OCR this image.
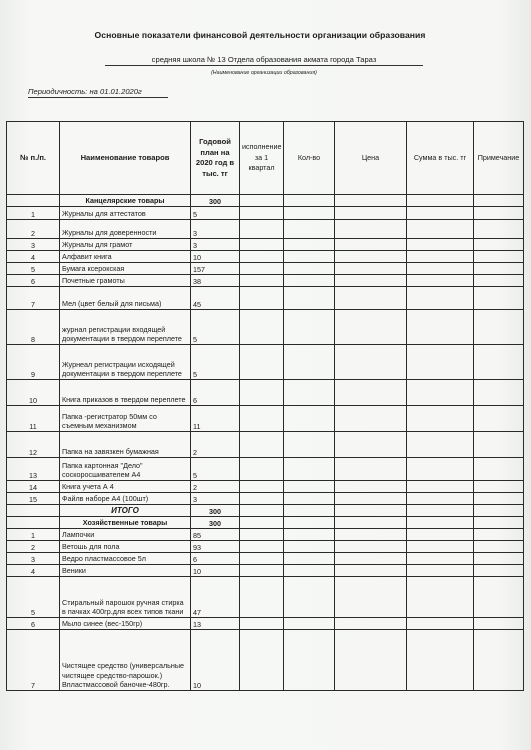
Основные показатели финансовой деятельности организации образования
средняя школа № 13 Отдела образования акмата города Тараз
(Наименование организации образования)
Периодичность: на 01.01.2020г
№ п./п.	Наименование товаров	Годовой план на 2020 год в тыс. тг	исполнение за 1 квартал	Кол-во	Цена	Сумма в тыс. тг	Примечание
	Канцелярские товары	300					
1	Журналы для аттестатов	5					
2	Журналы для доверенности	3					
3	Журналы для грамот	3					
4	Алфавит книга	10					
5	Бумага ксерокская	157					
6	Почетные грамоты	38					
7	Мел (цвет белый для письма)	45					
8	журнал регистрации входящей документации в твердом переплете	5					
9	Журнеал регистрации исходящей документации в твердом переплете	5					
10	Книга приказов в твердом переплете	6					
11	Папка -регистратор 50мм со съемным механизмом	11					
12	Папка на завязкен бумажная	2					
13	Папка картонная "Дело" соскоросшивателем А4	5					
14	Книга учета А 4	2					
15	Файлв наборе А4 (100шт)	3					
	ИТОГО	300					
	Хозяйственные товары	300					
1	Лампочки	85					
2	Ветошь для пола	93					
3	Ведро пластмассовое 5л	6					
4	Веники	10					
5	Стиральный парошок ручная стирка в пачках 400гр.для всех типов ткани	47					
6	Мыло синее (вес-150гр)	13					
7	Чистящее средство (универсальные чистящее средство-парошок.) Впластмассовой баночке-480гр.	10					
